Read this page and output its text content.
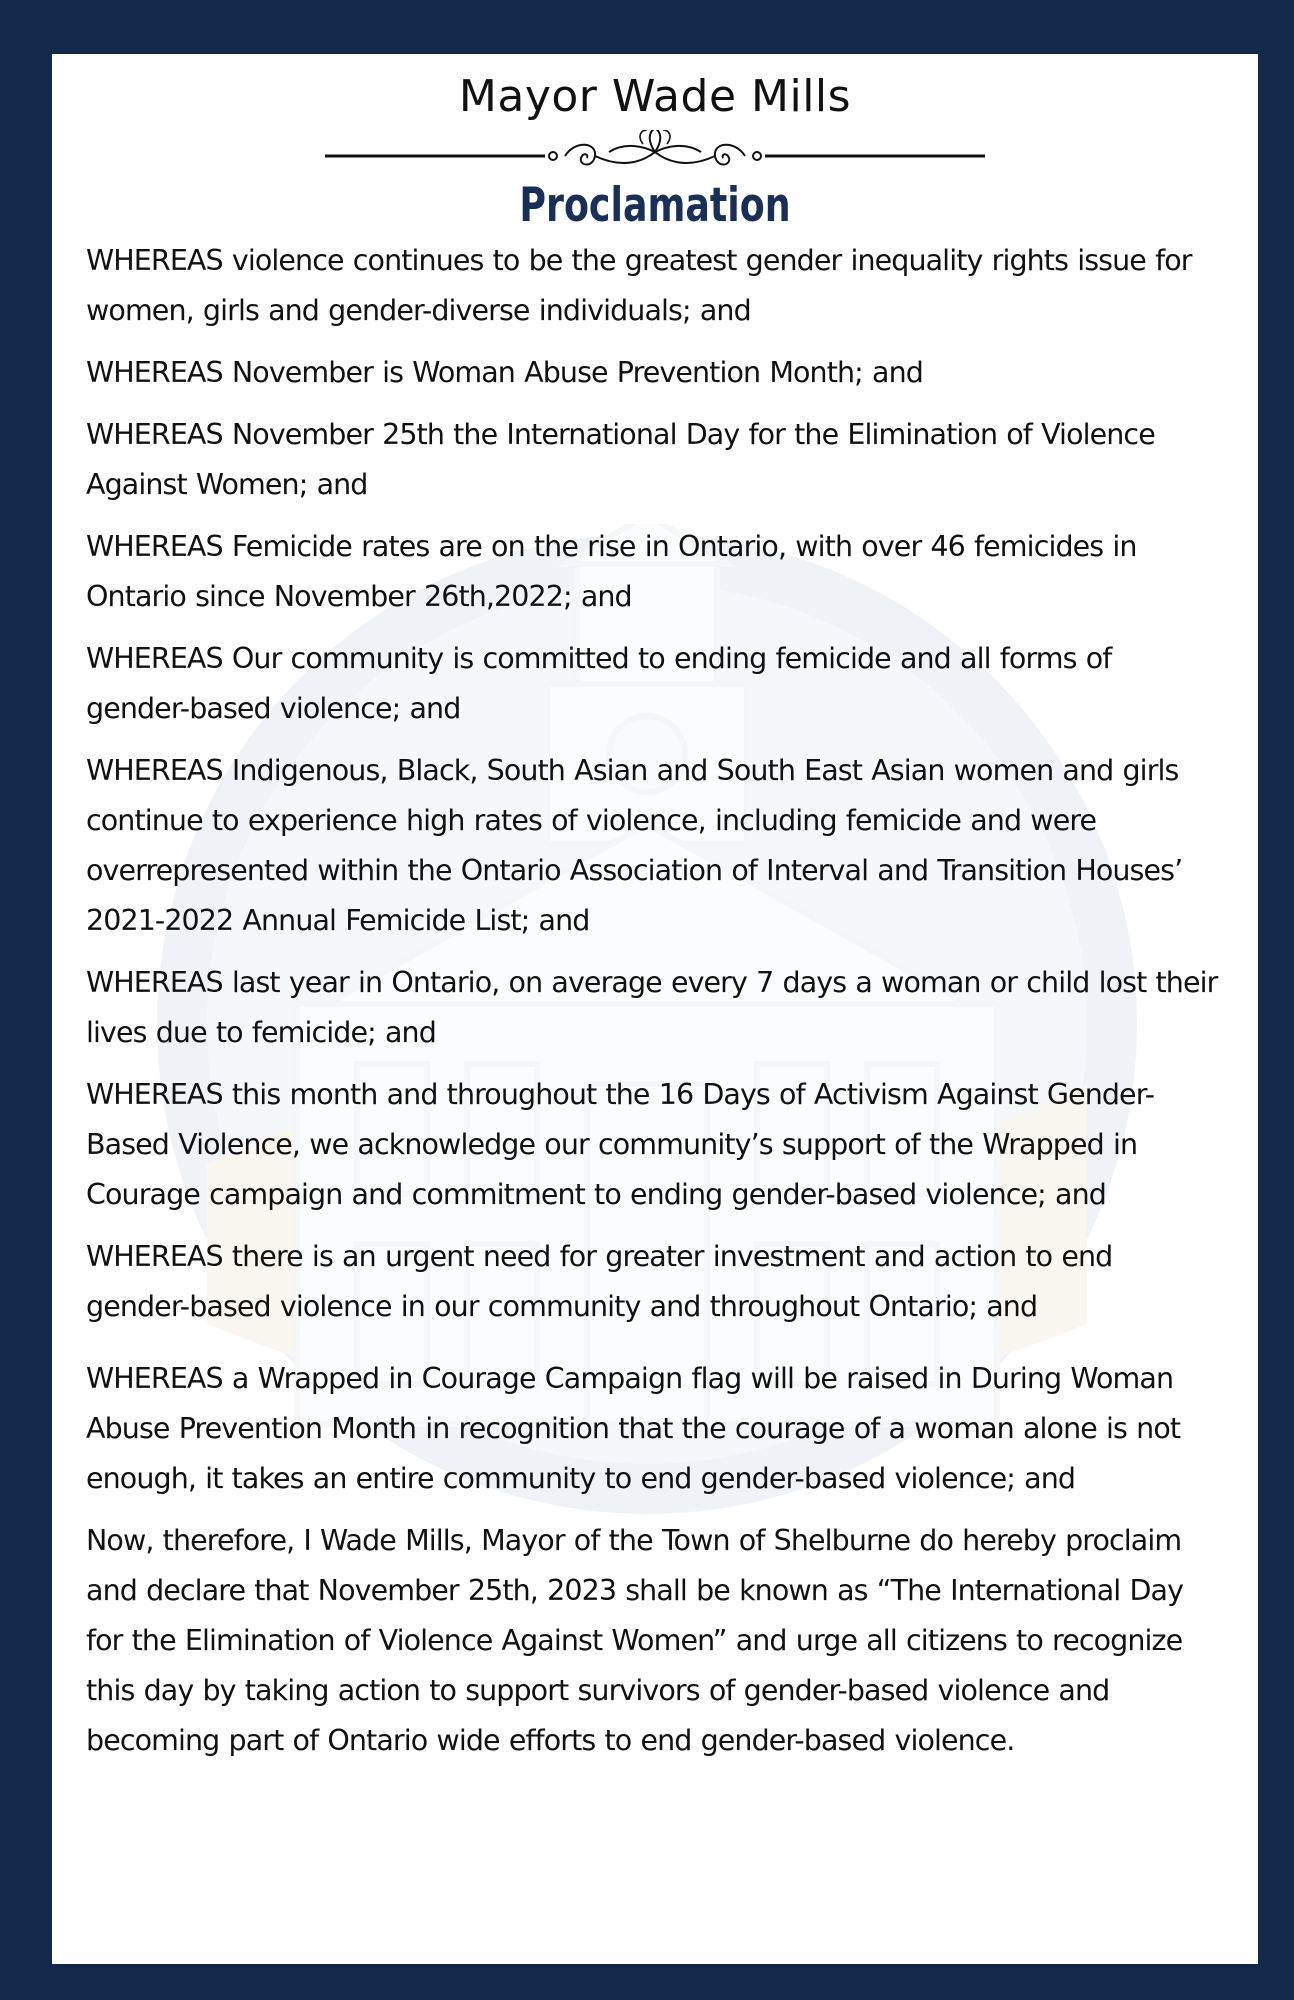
Mayor Wade Mills
Proclamation

WHEREAS violence continues to be the greatest gender inequality rights issue for women, girls and gender-diverse individuals; and

WHEREAS November is Woman Abuse Prevention Month; and

WHEREAS November 25th the International Day for the Elimination of Violence Against Women; and

WHEREAS Femicide rates are on the rise in Ontario, with over 46 femicides in Ontario since November 26th,2022; and

WHEREAS Our community is committed to ending femicide and all forms of gender-based violence; and

WHEREAS Indigenous, Black, South Asian and South East Asian women and girls continue to experience high rates of violence, including femicide and were overrepresented within the Ontario Association of Interval and Transition Houses’ 2021-2022 Annual Femicide List; and

WHEREAS last year in Ontario, on average every 7 days a woman or child lost their lives due to femicide; and

WHEREAS this month and throughout the 16 Days of Activism Against Gender-Based Violence, we acknowledge our community’s support of the Wrapped in Courage campaign and commitment to ending gender-based violence; and

WHEREAS there is an urgent need for greater investment and action to end gender-based violence in our community and throughout Ontario; and

WHEREAS a Wrapped in Courage Campaign flag will be raised in During Woman Abuse Prevention Month in recognition that the courage of a woman alone is not enough, it takes an entire community to end gender-based violence; and

Now, therefore, I Wade Mills, Mayor of the Town of Shelburne do hereby proclaim and declare that November 25th, 2023 shall be known as “The International Day for the Elimination of Violence Against Women” and urge all citizens to recognize this day by taking action to support survivors of gender-based violence and becoming part of Ontario wide efforts to end gender-based violence.
